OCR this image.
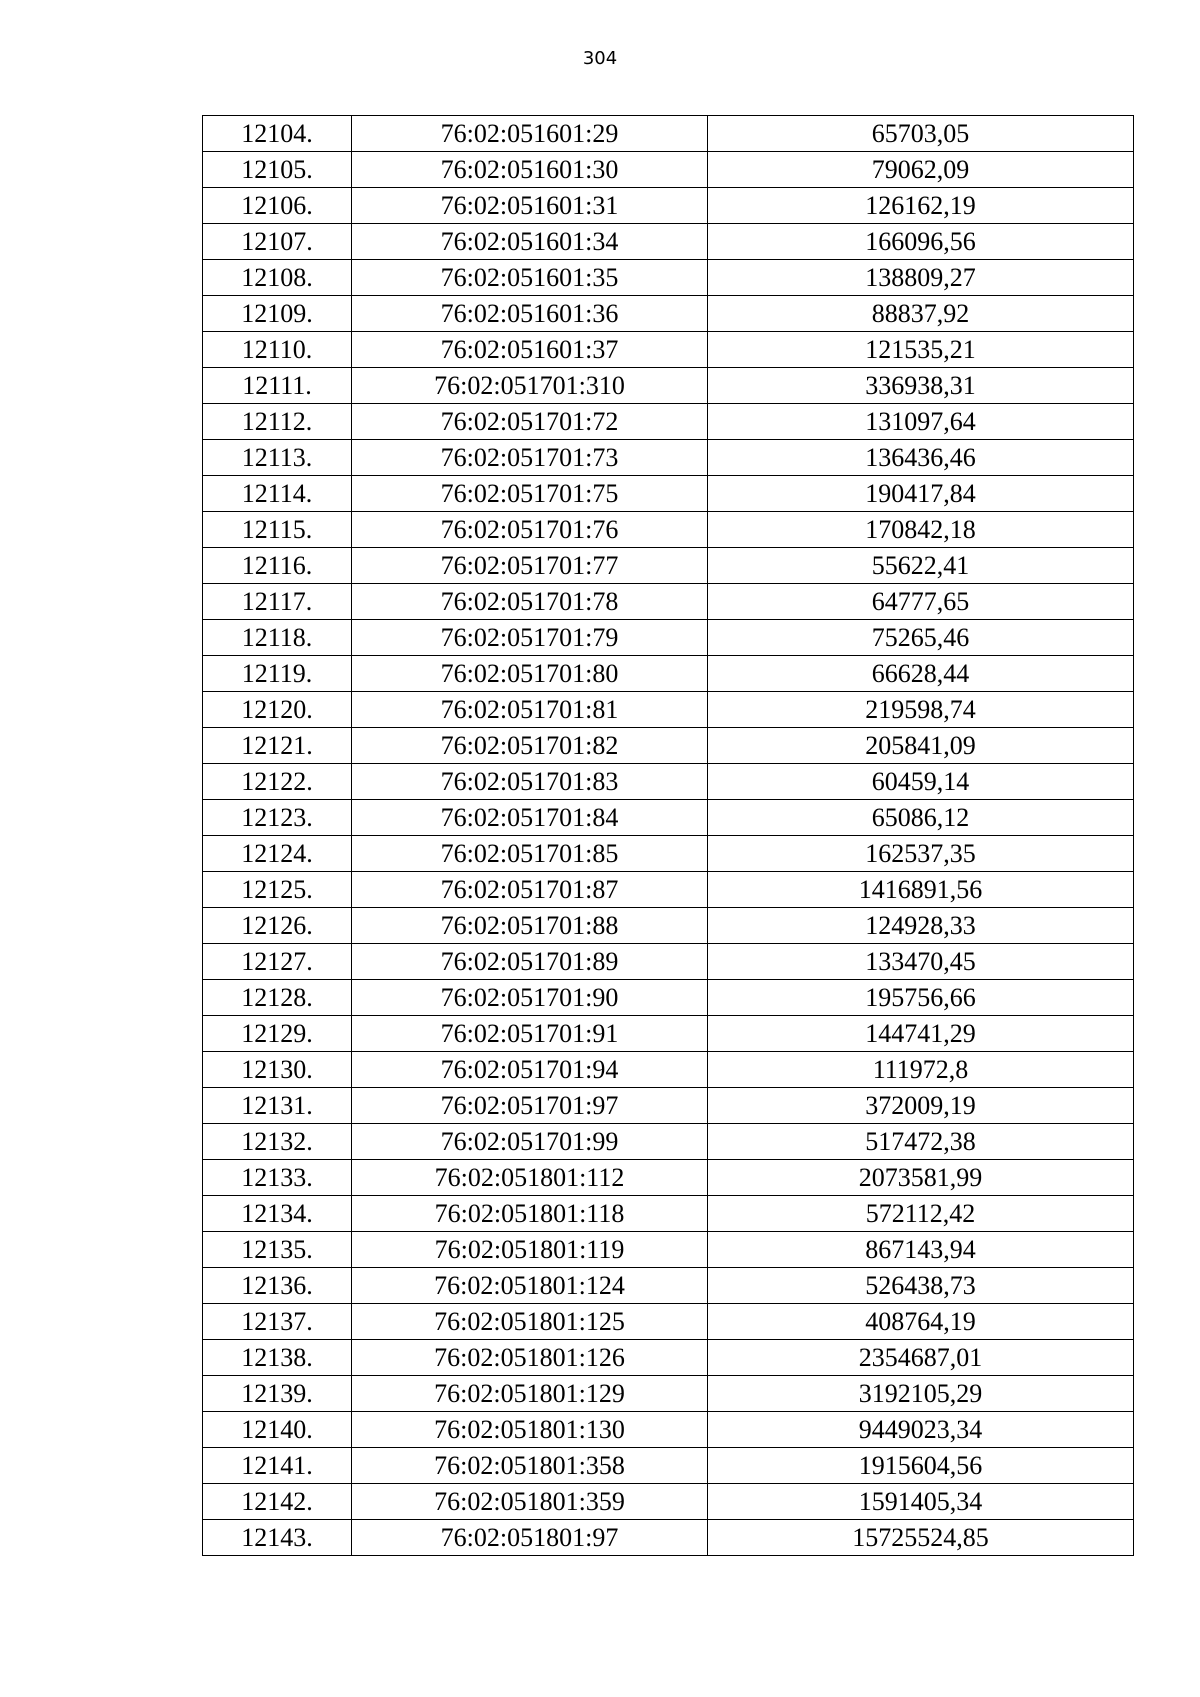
304
12104.	76:02:051601:29	65703,05
12105.	76:02:051601:30	79062,09
12106.	76:02:051601:31	126162,19
12107.	76:02:051601:34	166096,56
12108.	76:02:051601:35	138809,27
12109.	76:02:051601:36	88837,92
12110.	76:02:051601:37	121535,21
12111.	76:02:051701:310	336938,31
12112.	76:02:051701:72	131097,64
12113.	76:02:051701:73	136436,46
12114.	76:02:051701:75	190417,84
12115.	76:02:051701:76	170842,18
12116.	76:02:051701:77	55622,41
12117.	76:02:051701:78	64777,65
12118.	76:02:051701:79	75265,46
12119.	76:02:051701:80	66628,44
12120.	76:02:051701:81	219598,74
12121.	76:02:051701:82	205841,09
12122.	76:02:051701:83	60459,14
12123.	76:02:051701:84	65086,12
12124.	76:02:051701:85	162537,35
12125.	76:02:051701:87	1416891,56
12126.	76:02:051701:88	124928,33
12127.	76:02:051701:89	133470,45
12128.	76:02:051701:90	195756,66
12129.	76:02:051701:91	144741,29
12130.	76:02:051701:94	111972,8
12131.	76:02:051701:97	372009,19
12132.	76:02:051701:99	517472,38
12133.	76:02:051801:112	2073581,99
12134.	76:02:051801:118	572112,42
12135.	76:02:051801:119	867143,94
12136.	76:02:051801:124	526438,73
12137.	76:02:051801:125	408764,19
12138.	76:02:051801:126	2354687,01
12139.	76:02:051801:129	3192105,29
12140.	76:02:051801:130	9449023,34
12141.	76:02:051801:358	1915604,56
12142.	76:02:051801:359	1591405,34
12143.	76:02:051801:97	15725524,85
